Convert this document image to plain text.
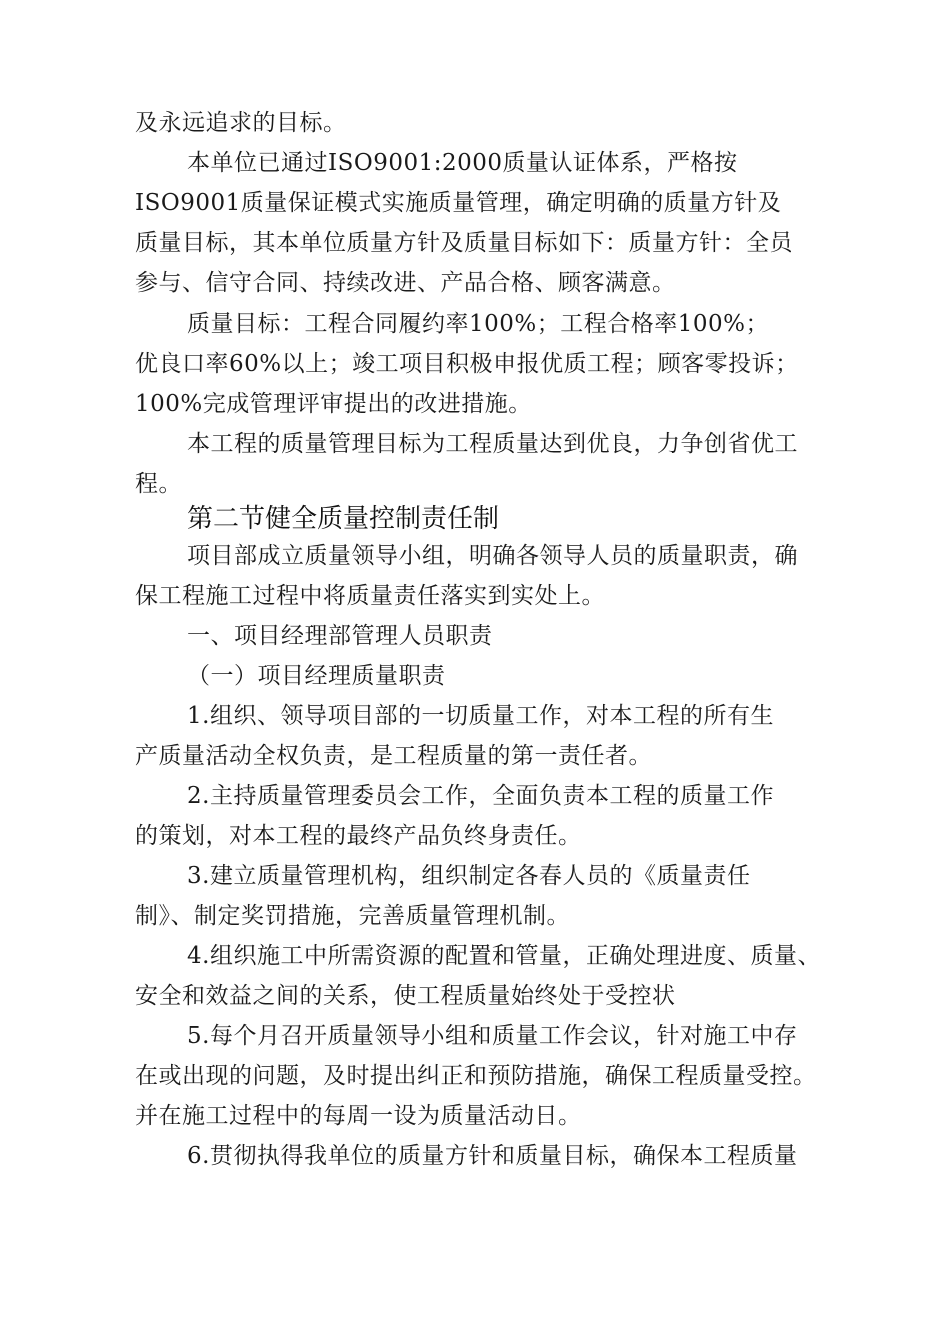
及永远追求的目标。
本单位已通过ISO9001:2000质量认证体系，严格按
ISO9001质量保证模式实施质量管理，确定明确的质量方针及
质量目标，其本单位质量方针及质量目标如下：质量方针：全员
参与、信守合同、持续改进、产品合格、顾客满意。
质量目标：工程合同履约率100%；工程合格率100%；
优良口率60%以上；竣工项目积极申报优质工程；顾客零投诉；
100%完成管理评审提出的改进措施。
本工程的质量管理目标为工程质量达到优良，力争创省优工
程。
第二节健全质量控制责任制
项目部成立质量领导小组，明确各领导人员的质量职责，确
保工程施工过程中将质量责任落实到实处上。
一、项目经理部管理人员职责
（一）项目经理质量职责
1.组织、领导项目部的一切质量工作，对本工程的所有生
产质量活动全权负责，是工程质量的第一责任者。
2.主持质量管理委员会工作，全面负责本工程的质量工作
的策划，对本工程的最终产品负终身责任。
3.建立质量管理机构，组织制定各春人员的《质量责任
制》、制定奖罚措施，完善质量管理机制。
4.组织施工中所需资源的配置和管量，正确处理进度、质量、
安全和效益之间的关系，使工程质量始终处于受控状
5.每个月召开质量领导小组和质量工作会议，针对施工中存
在或出现的问题，及时提出纠正和预防措施，确保工程质量受控。
并在施工过程中的每周一设为质量活动日。
6.贯彻执得我单位的质量方针和质量目标，确保本工程质量
